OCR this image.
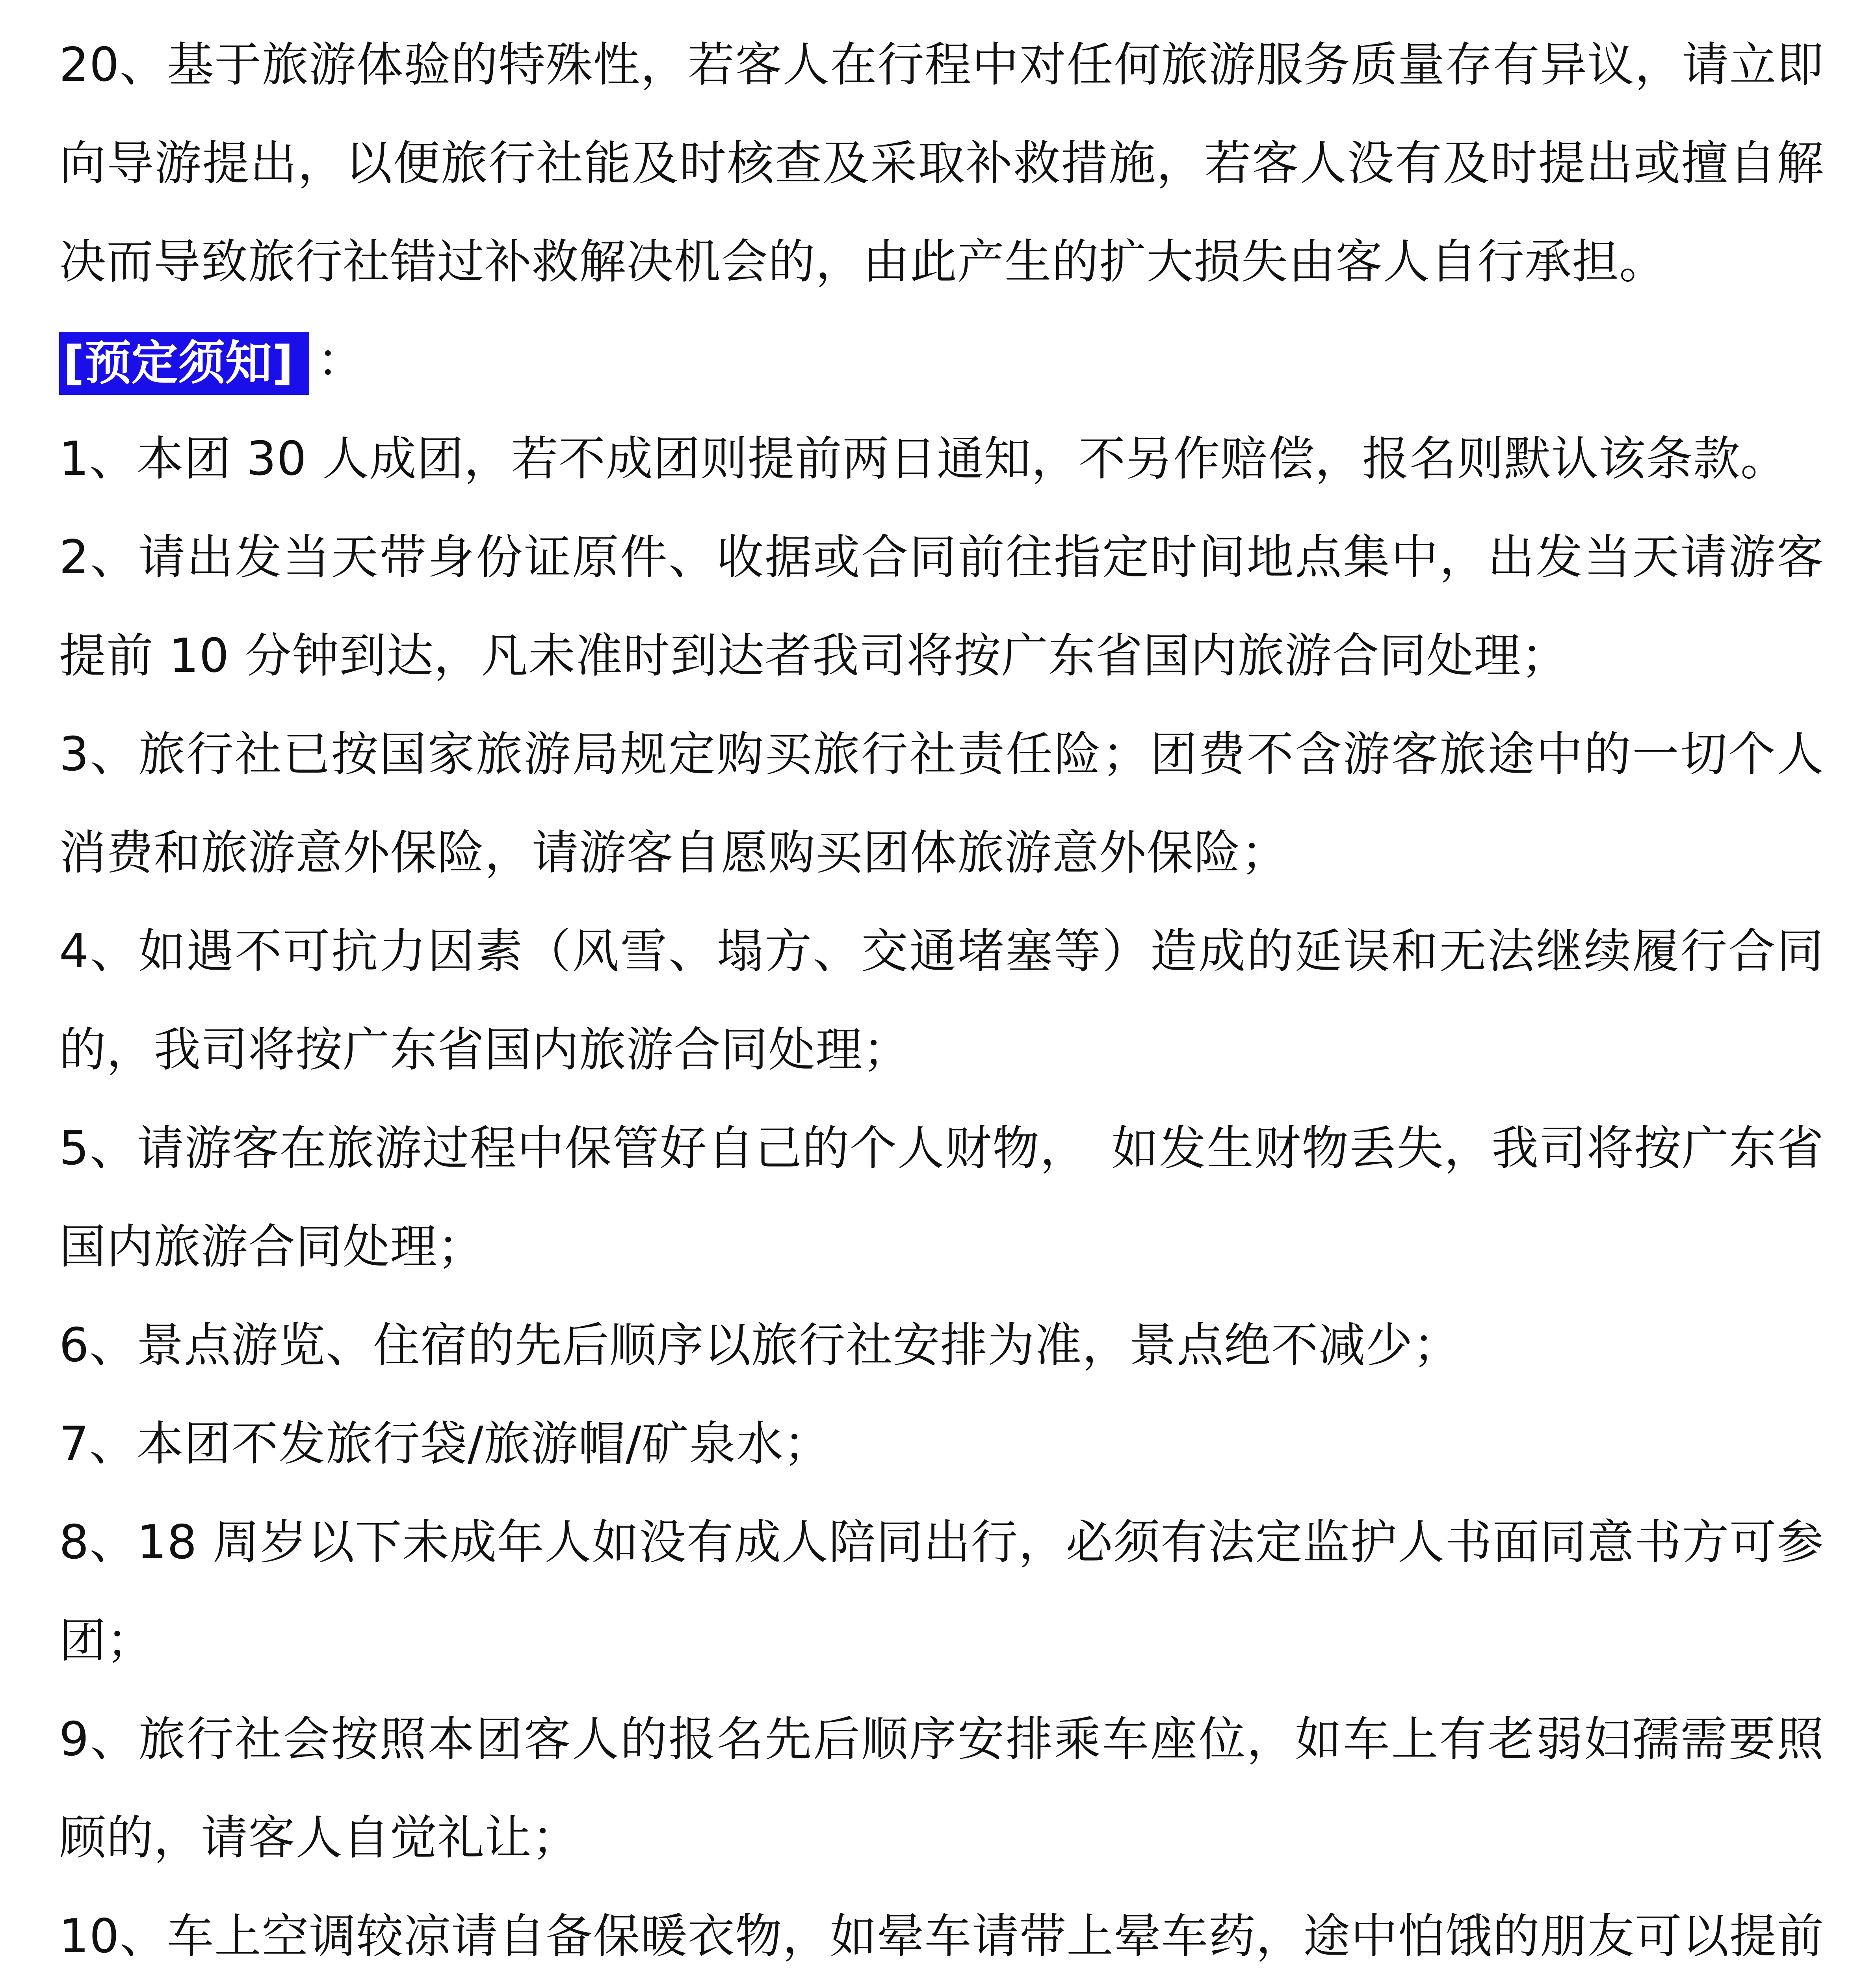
20、基于旅游体验的特殊性，若客人在行程中对任何旅游服务质量存有异议，请立即向导游提出，以便旅行社能及时核查及采取补救措施，若客人没有及时提出或擅自解决而导致旅行社错过补救解决机会的，由此产生的扩大损失由客人自行承担。

[预定须知] ：

1、本团 30 人成团，若不成团则提前两日通知，不另作赔偿，报名则默认该条款。

2、请出发当天带身份证原件、收据或合同前往指定时间地点集中，出发当天请游客提前 10 分钟到达，凡未准时到达者我司将按广东省国内旅游合同处理；

3、旅行社已按国家旅游局规定购买旅行社责任险；团费不含游客旅途中的一切个人消费和旅游意外保险，请游客自愿购买团体旅游意外保险；

4、如遇不可抗力因素（风雪、塌方、交通堵塞等）造成的延误和无法继续履行合同的，我司将按广东省国内旅游合同处理；

5、请游客在旅游过程中保管好自己的个人财物，　如发生财物丢失，我司将按广东省国内旅游合同处理；

6、景点游览、住宿的先后顺序以旅行社安排为准，景点绝不减少；

7、本团不发旅行袋/旅游帽/矿泉水；

8、18 周岁以下未成年人如没有成人陪同出行，必须有法定监护人书面同意书方可参团；

9、旅行社会按照本团客人的报名先后顺序安排乘车座位，如车上有老弱妇孺需要照顾的，请客人自觉礼让；

10、车上空调较凉请自备保暖衣物，如晕车请带上晕车药，途中怕饿的朋友可以提前
